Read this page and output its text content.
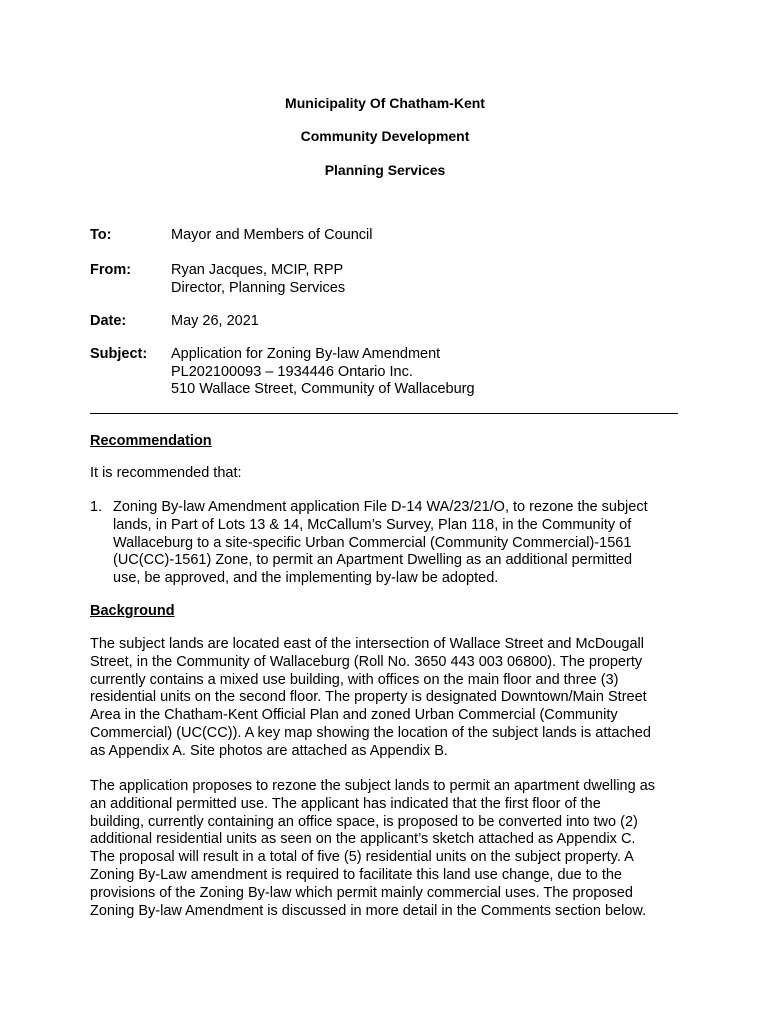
Municipality Of Chatham-Kent
Community Development
Planning Services
To:	Mayor and Members of Council
From:	Ryan Jacques, MCIP, RPP
Director, Planning Services
Date:	May 26, 2021
Subject: Application for Zoning By-law Amendment
PL202100093 – 1934446 Ontario Inc.
510 Wallace Street, Community of Wallaceburg
Recommendation
It is recommended that:
1. Zoning By-law Amendment application File D-14 WA/23/21/O, to rezone the subject
lands, in Part of Lots 13 & 14, McCallum’s Survey, Plan 118, in the Community of
Wallaceburg to a site-specific Urban Commercial (Community Commercial)-1561
(UC(CC)-1561) Zone, to permit an Apartment Dwelling as an additional permitted
use, be approved, and the implementing by-law be adopted.
Background
The subject lands are located east of the intersection of Wallace Street and McDougall
Street, in the Community of Wallaceburg (Roll No. 3650 443 003 06800). The property
currently contains a mixed use building, with offices on the main floor and three (3)
residential units on the second floor. The property is designated Downtown/Main Street
Area in the Chatham-Kent Official Plan and zoned Urban Commercial (Community
Commercial) (UC(CC)). A key map showing the location of the subject lands is attached
as Appendix A. Site photos are attached as Appendix B.
The application proposes to rezone the subject lands to permit an apartment dwelling as
an additional permitted use. The applicant has indicated that the first floor of the
building, currently containing an office space, is proposed to be converted into two (2)
additional residential units as seen on the applicant’s sketch attached as Appendix C.
The proposal will result in a total of five (5) residential units on the subject property. A
Zoning By-Law amendment is required to facilitate this land use change, due to the
provisions of the Zoning By-law which permit mainly commercial uses. The proposed
Zoning By-law Amendment is discussed in more detail in the Comments section below.
